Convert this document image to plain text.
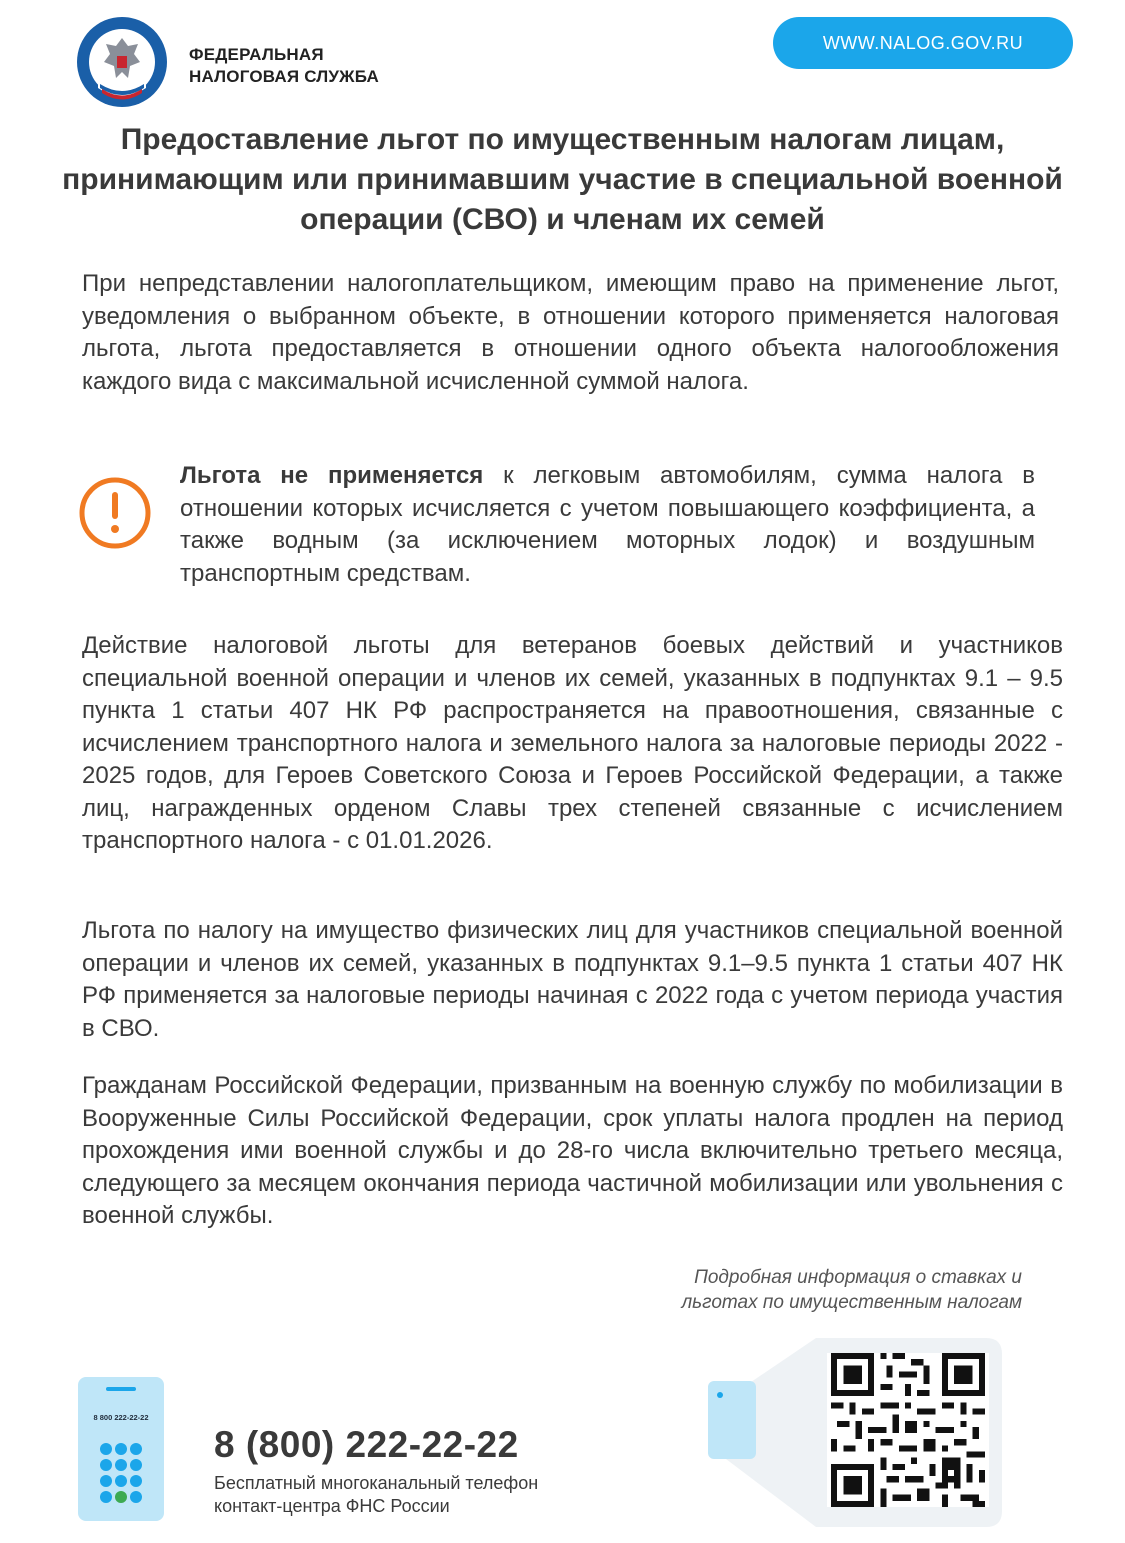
ФЕДЕРАЛЬНАЯ
НАЛОГОВАЯ СЛУЖБА
WWW.NALOG.GOV.RU
Предоставление льгот по имущественным налогам лицам, принимающим или принимавшим участие в специальной военной операции (СВО) и членам их семей

При непредставлении налогоплательщиком, имеющим право на применение льгот, уведомления о выбранном объекте, в отношении которого применяется налоговая льгота, льгота предоставляется в отношении одного объекта налогообложения каждого вида с максимальной исчисленной суммой налога.

Льгота не применяется к легковым автомобилям, сумма налога в отношении которых исчисляется с учетом повышающего коэффициента, а также водным (за исключением моторных лодок) и воздушным транспортным средствам.

Действие налоговой льготы для ветеранов боевых действий и участников специальной военной операции и членов их семей, указанных в подпунктах 9.1 – 9.5 пункта 1 статьи 407 НК РФ распространяется на правоотношения, связанные с исчислением транспортного налога и земельного налога за налоговые периоды 2022 - 2025 годов, для Героев Советского Союза и Героев Российской Федерации, а также лиц, награжденных орденом Славы трех степеней связанные с исчислением транспортного налога - с 01.01.2026.

Льгота по налогу на имущество физических лиц для участников специальной военной операции и членов их семей, указанных в подпунктах 9.1–9.5 пункта 1 статьи 407 НК РФ применяется за налоговые периоды начиная с 2022 года с учетом периода участия в СВО.

Гражданам Российской Федерации, призванным на военную службу по мобилизации в Вооруженные Силы Российской Федерации, срок уплаты налога продлен на период прохождения ими военной службы и до 28-го числа включительно третьего месяца, следующего за месяцем окончания периода частичной мобилизации или увольнения с военной службы.

Подробная информация о ставках и
льготах по имущественным налогам

8 800 222-22-22
8 (800) 222-22-22
Бесплатный многоканальный телефон
контакт-центра ФНС России
